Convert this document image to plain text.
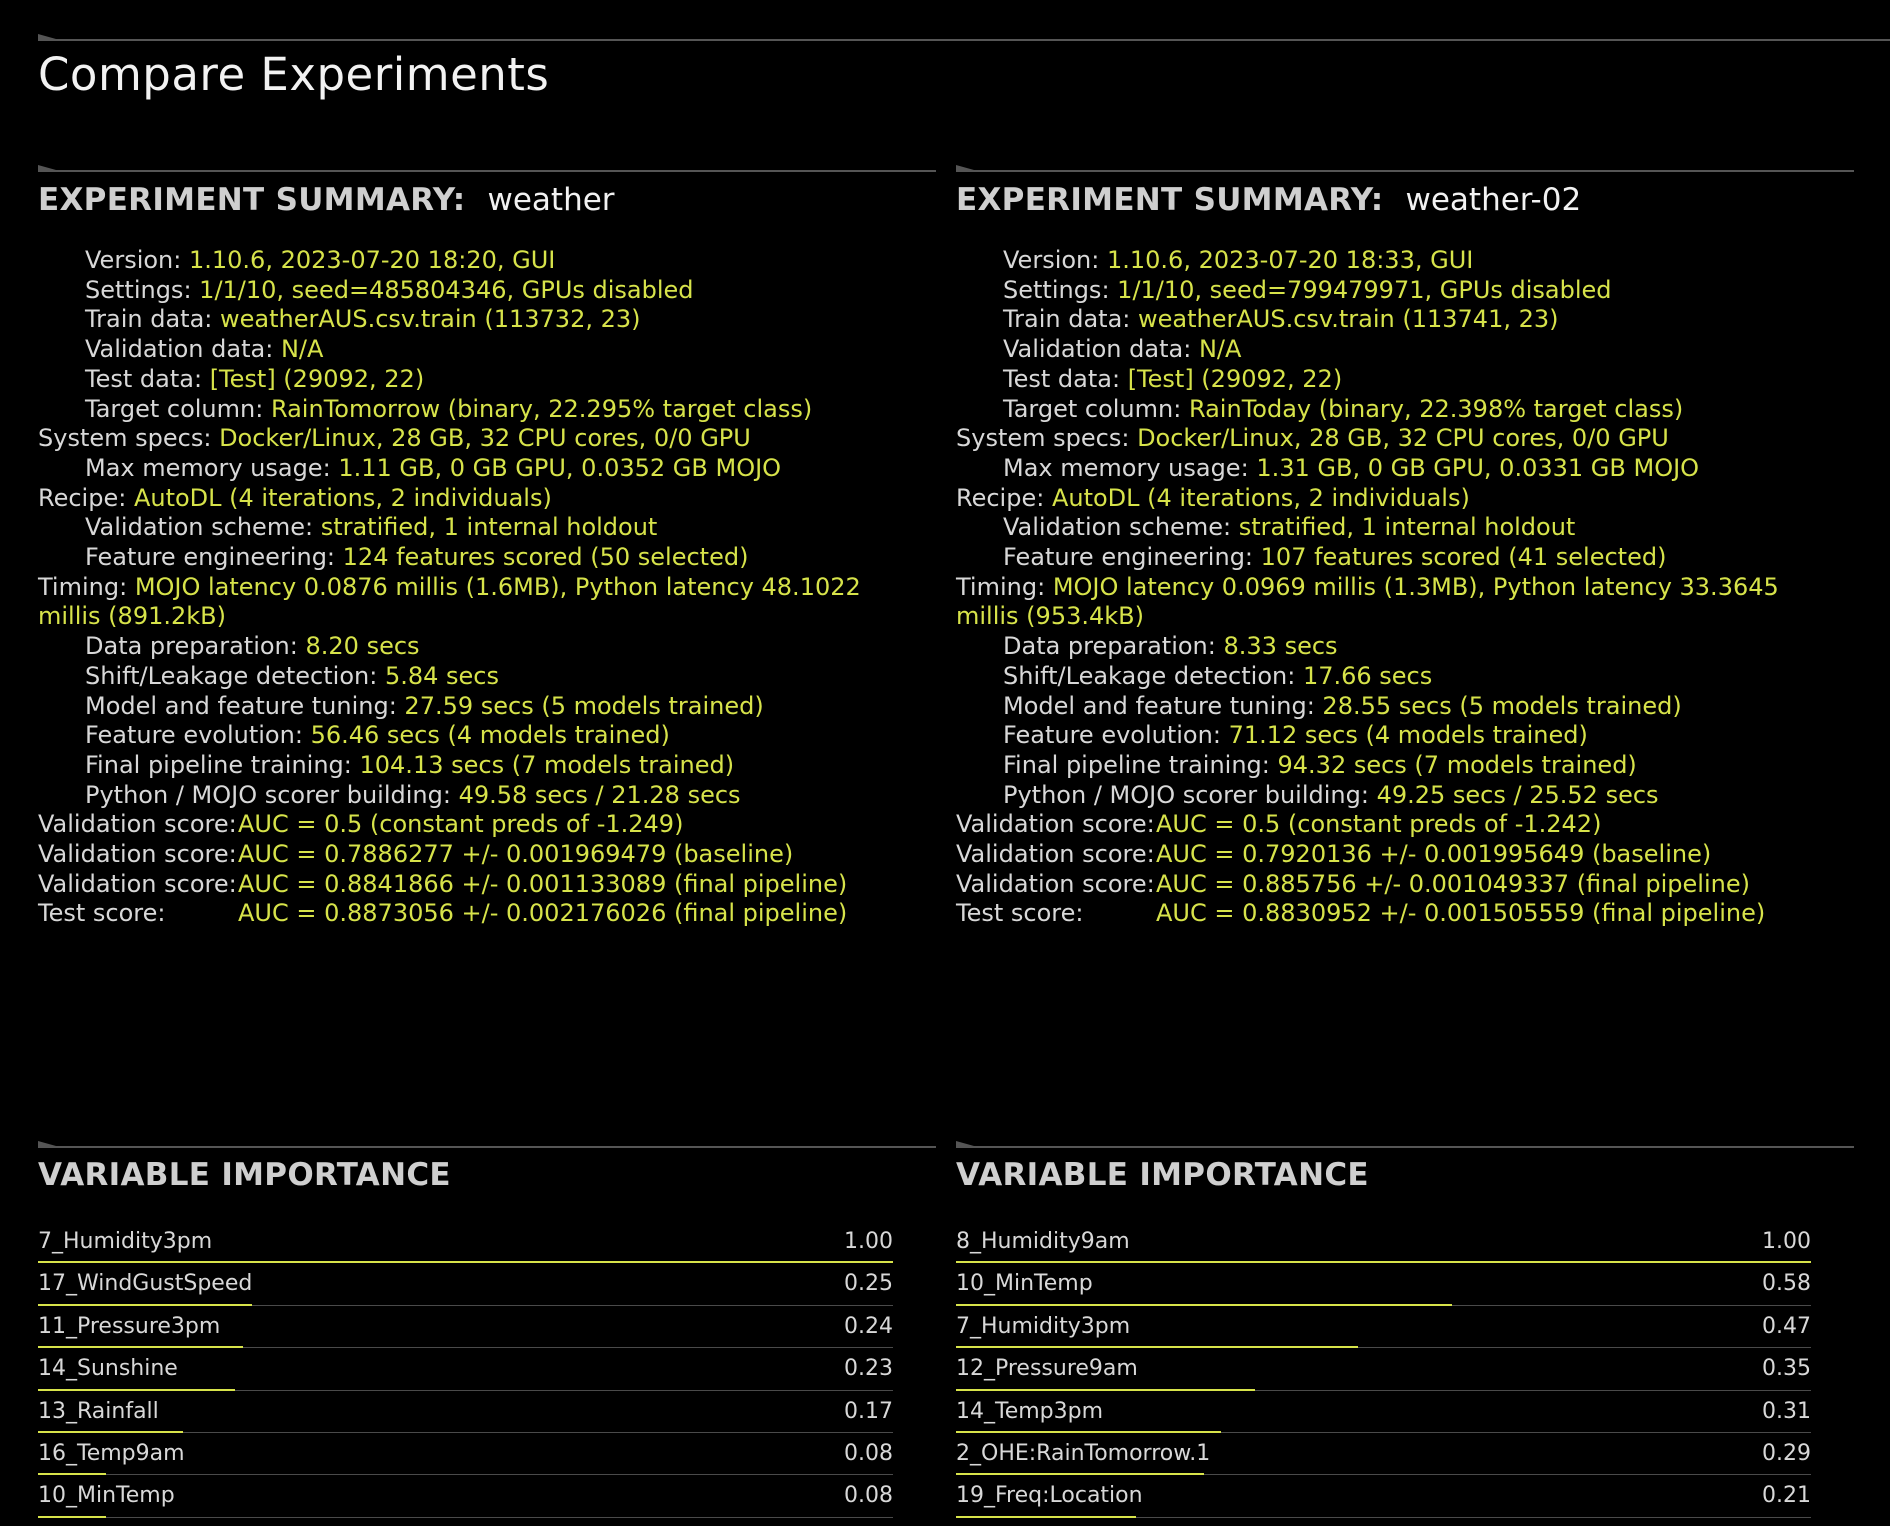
Compare Experiments
EXPERIMENT SUMMARY: weather
Version: 1.10.6, 2023-07-20 18:20, GUI
Settings: 1/1/10, seed=485804346, GPUs disabled
Train data: weatherAUS.csv.train (113732, 23)
Validation data: N/A
Test data: [Test] (29092, 22)
Target column: RainTomorrow (binary, 22.295% target class)
System specs: Docker/Linux, 28 GB, 32 CPU cores, 0/0 GPU
Max memory usage: 1.11 GB, 0 GB GPU, 0.0352 GB MOJO
Recipe: AutoDL (4 iterations, 2 individuals)
Validation scheme: stratified, 1 internal holdout
Feature engineering: 124 features scored (50 selected)
Timing: MOJO latency 0.0876 millis (1.6MB), Python latency 48.1022 millis (891.2kB)
Data preparation: 8.20 secs
Shift/Leakage detection: 5.84 secs
Model and feature tuning: 27.59 secs (5 models trained)
Feature evolution: 56.46 secs (4 models trained)
Final pipeline training: 104.13 secs (7 models trained)
Python / MOJO scorer building: 49.58 secs / 21.28 secs
Validation score:AUC = 0.5 (constant preds of -1.249)
Validation score:AUC = 0.7886277 +/- 0.001969479 (baseline)
Validation score:AUC = 0.8841866 +/- 0.001133089 (final pipeline)
Test score:	AUC = 0.8873056 +/- 0.002176026 (final pipeline)
VARIABLE IMPORTANCE
7_Humidity3pm	1.00
17_WindGustSpeed	0.25
11_Pressure3pm	0.24
14_Sunshine	0.23
13_Rainfall	0.17
16_Temp9am	0.08
10_MinTemp	0.08
EXPERIMENT SUMMARY: weather-02
Version: 1.10.6, 2023-07-20 18:33, GUI
Settings: 1/1/10, seed=799479971, GPUs disabled
Train data: weatherAUS.csv.train (113741, 23)
Validation data: N/A
Test data: [Test] (29092, 22)
Target column: RainToday (binary, 22.398% target class)
System specs: Docker/Linux, 28 GB, 32 CPU cores, 0/0 GPU
Max memory usage: 1.31 GB, 0 GB GPU, 0.0331 GB MOJO
Recipe: AutoDL (4 iterations, 2 individuals)
Validation scheme: stratified, 1 internal holdout
Feature engineering: 107 features scored (41 selected)
Timing: MOJO latency 0.0969 millis (1.3MB), Python latency 33.3645 millis (953.4kB)
Data preparation: 8.33 secs
Shift/Leakage detection: 17.66 secs
Model and feature tuning: 28.55 secs (5 models trained)
Feature evolution: 71.12 secs (4 models trained)
Final pipeline training: 94.32 secs (7 models trained)
Python / MOJO scorer building: 49.25 secs / 25.52 secs
Validation score:AUC = 0.5 (constant preds of -1.242)
Validation score:AUC = 0.7920136 +/- 0.001995649 (baseline)
Validation score:AUC = 0.885756 +/- 0.001049337 (final pipeline)
Test score:	AUC = 0.8830952 +/- 0.001505559 (final pipeline)
VARIABLE IMPORTANCE
8_Humidity9am	1.00
10_MinTemp	0.58
7_Humidity3pm	0.47
12_Pressure9am	0.35
14_Temp3pm	0.31
2_OHE:RainTomorrow.1	0.29
19_Freq:Location	0.21
